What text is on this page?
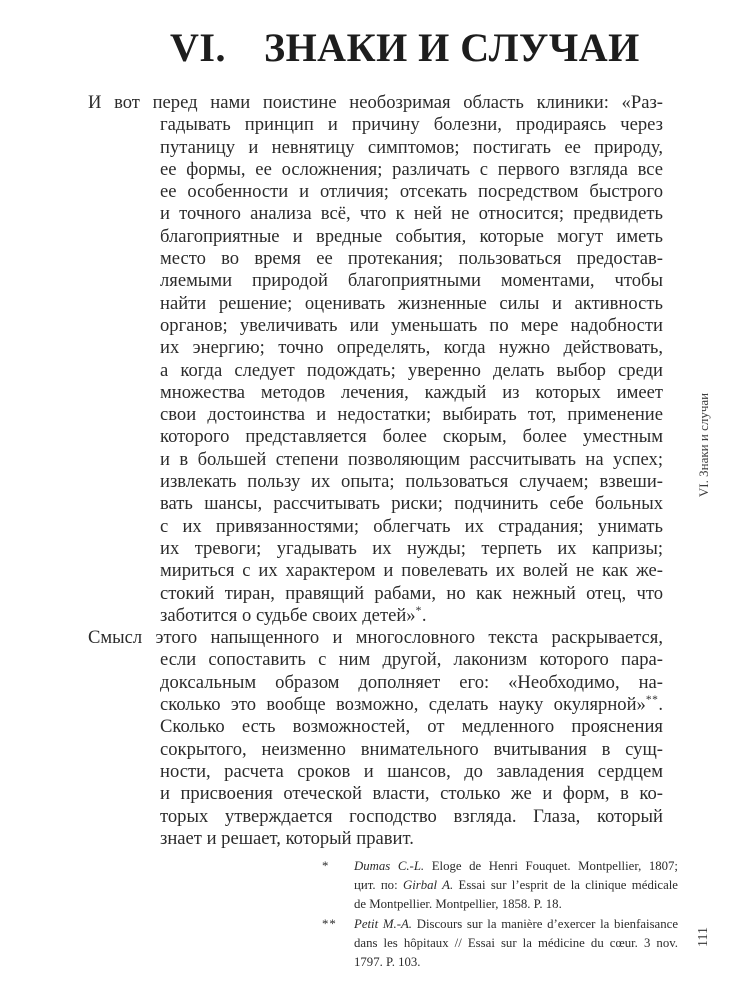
VI. ЗНАКИ И СЛУЧАИ
И вот перед нами поистине необозримая область клиники: «Раз-
гадывать принцип и причину болезни, продираясь через
путаницу и невнятицу симптомов; постигать ее природу,
ее формы, ее осложнения; различать с первого взгляда все
ее особенности и отличия; отсекать посредством быстрого
и точного анализа всё, что к ней не относится; предвидеть
благоприятные и вредные события, которые могут иметь
место во время ее протекания; пользоваться предостав-
ляемыми природой благоприятными моментами, чтобы
найти решение; оценивать жизненные силы и активность
органов; увеличивать или уменьшать по мере надобности
их энергию; точно определять, когда нужно действовать,
а когда следует подождать; уверенно делать выбор среди
множества методов лечения, каждый из которых имеет
свои достоинства и недостатки; выбирать тот, применение
которого представляется более скорым, более уместным
и в большей степени позволяющим рассчитывать на успех;
извлекать пользу их опыта; пользоваться случаем; взвеши-
вать шансы, рассчитывать риски; подчинить себе больных
с их привязанностями; облегчать их страдания; унимать
их тревоги; угадывать их нужды; терпеть их капризы;
мириться с их характером и повелевать их волей не как же-
стокий тиран, правящий рабами, но как нежный отец, что
заботится о судьбе своих детей»*.
Смысл этого напыщенного и многословного текста раскрывается,
если сопоставить с ним другой, лаконизм которого пара-
доксальным образом дополняет его: «Необходимо, на-
сколько это вообще возможно, сделать науку окулярной»**.
Сколько есть возможностей, от медленного прояснения
сокрытого, неизменно внимательного вчитывания в сущ-
ности, расчета сроков и шансов, до завладения сердцем
и присвоения отеческой власти, столько же и форм, в ко-
торых утверждается господство взгляда. Глаза, который
знает и решает, который правит.
*	Dumas C.-L. Eloge de Henri Fouquet. Montpellier, 1807;
цит. по: Girbal A. Essai sur l’esprit de la clinique médicale
de Montpellier. Montpellier, 1858. P. 18.
**	Petit M.-A. Discours sur la manière d’exercer la bienfaisance
dans les hôpitaux // Essai sur la médicine du cœur. 3 nov.
1797. P. 103.
VI. Знаки и случаи
111
